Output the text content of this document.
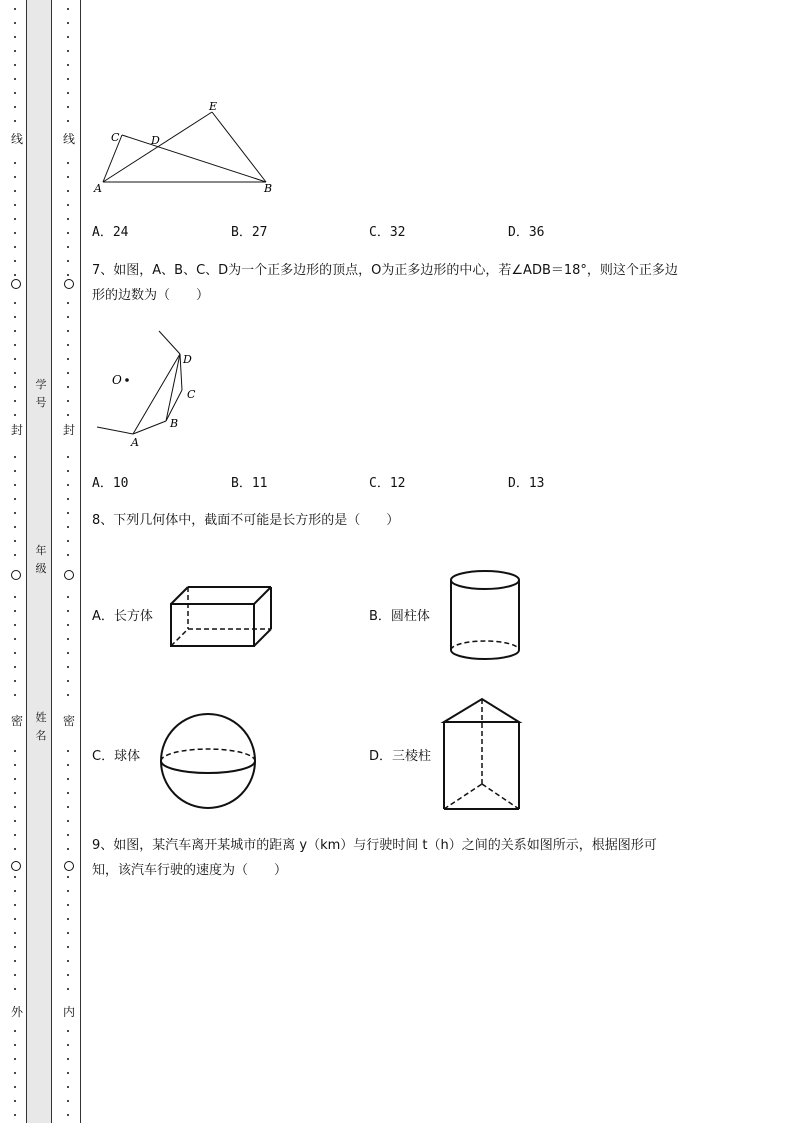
线
封
密
外
线
封
密
内
学号
年级
姓名
A	B
C	D
E
A．24	B．27	C．32	D．36
7、如图，A、B、C、D为一个正多边形的顶点，O为正多边形的中心，若∠ADB＝18°，则这个正多边
形的边数为（　　）
O
A
B
C
D
A．10	B．11	C．12	D．13
8、下列几何体中，截面不可能是长方形的是（　　）
A．长方体	B．圆柱体
C．球体	D．三棱柱
9、如图，某汽车离开某城市的距离 y（km）与行驶时间 t（h）之间的关系如图所示，根据图形可
知，该汽车行驶的速度为（　　）
